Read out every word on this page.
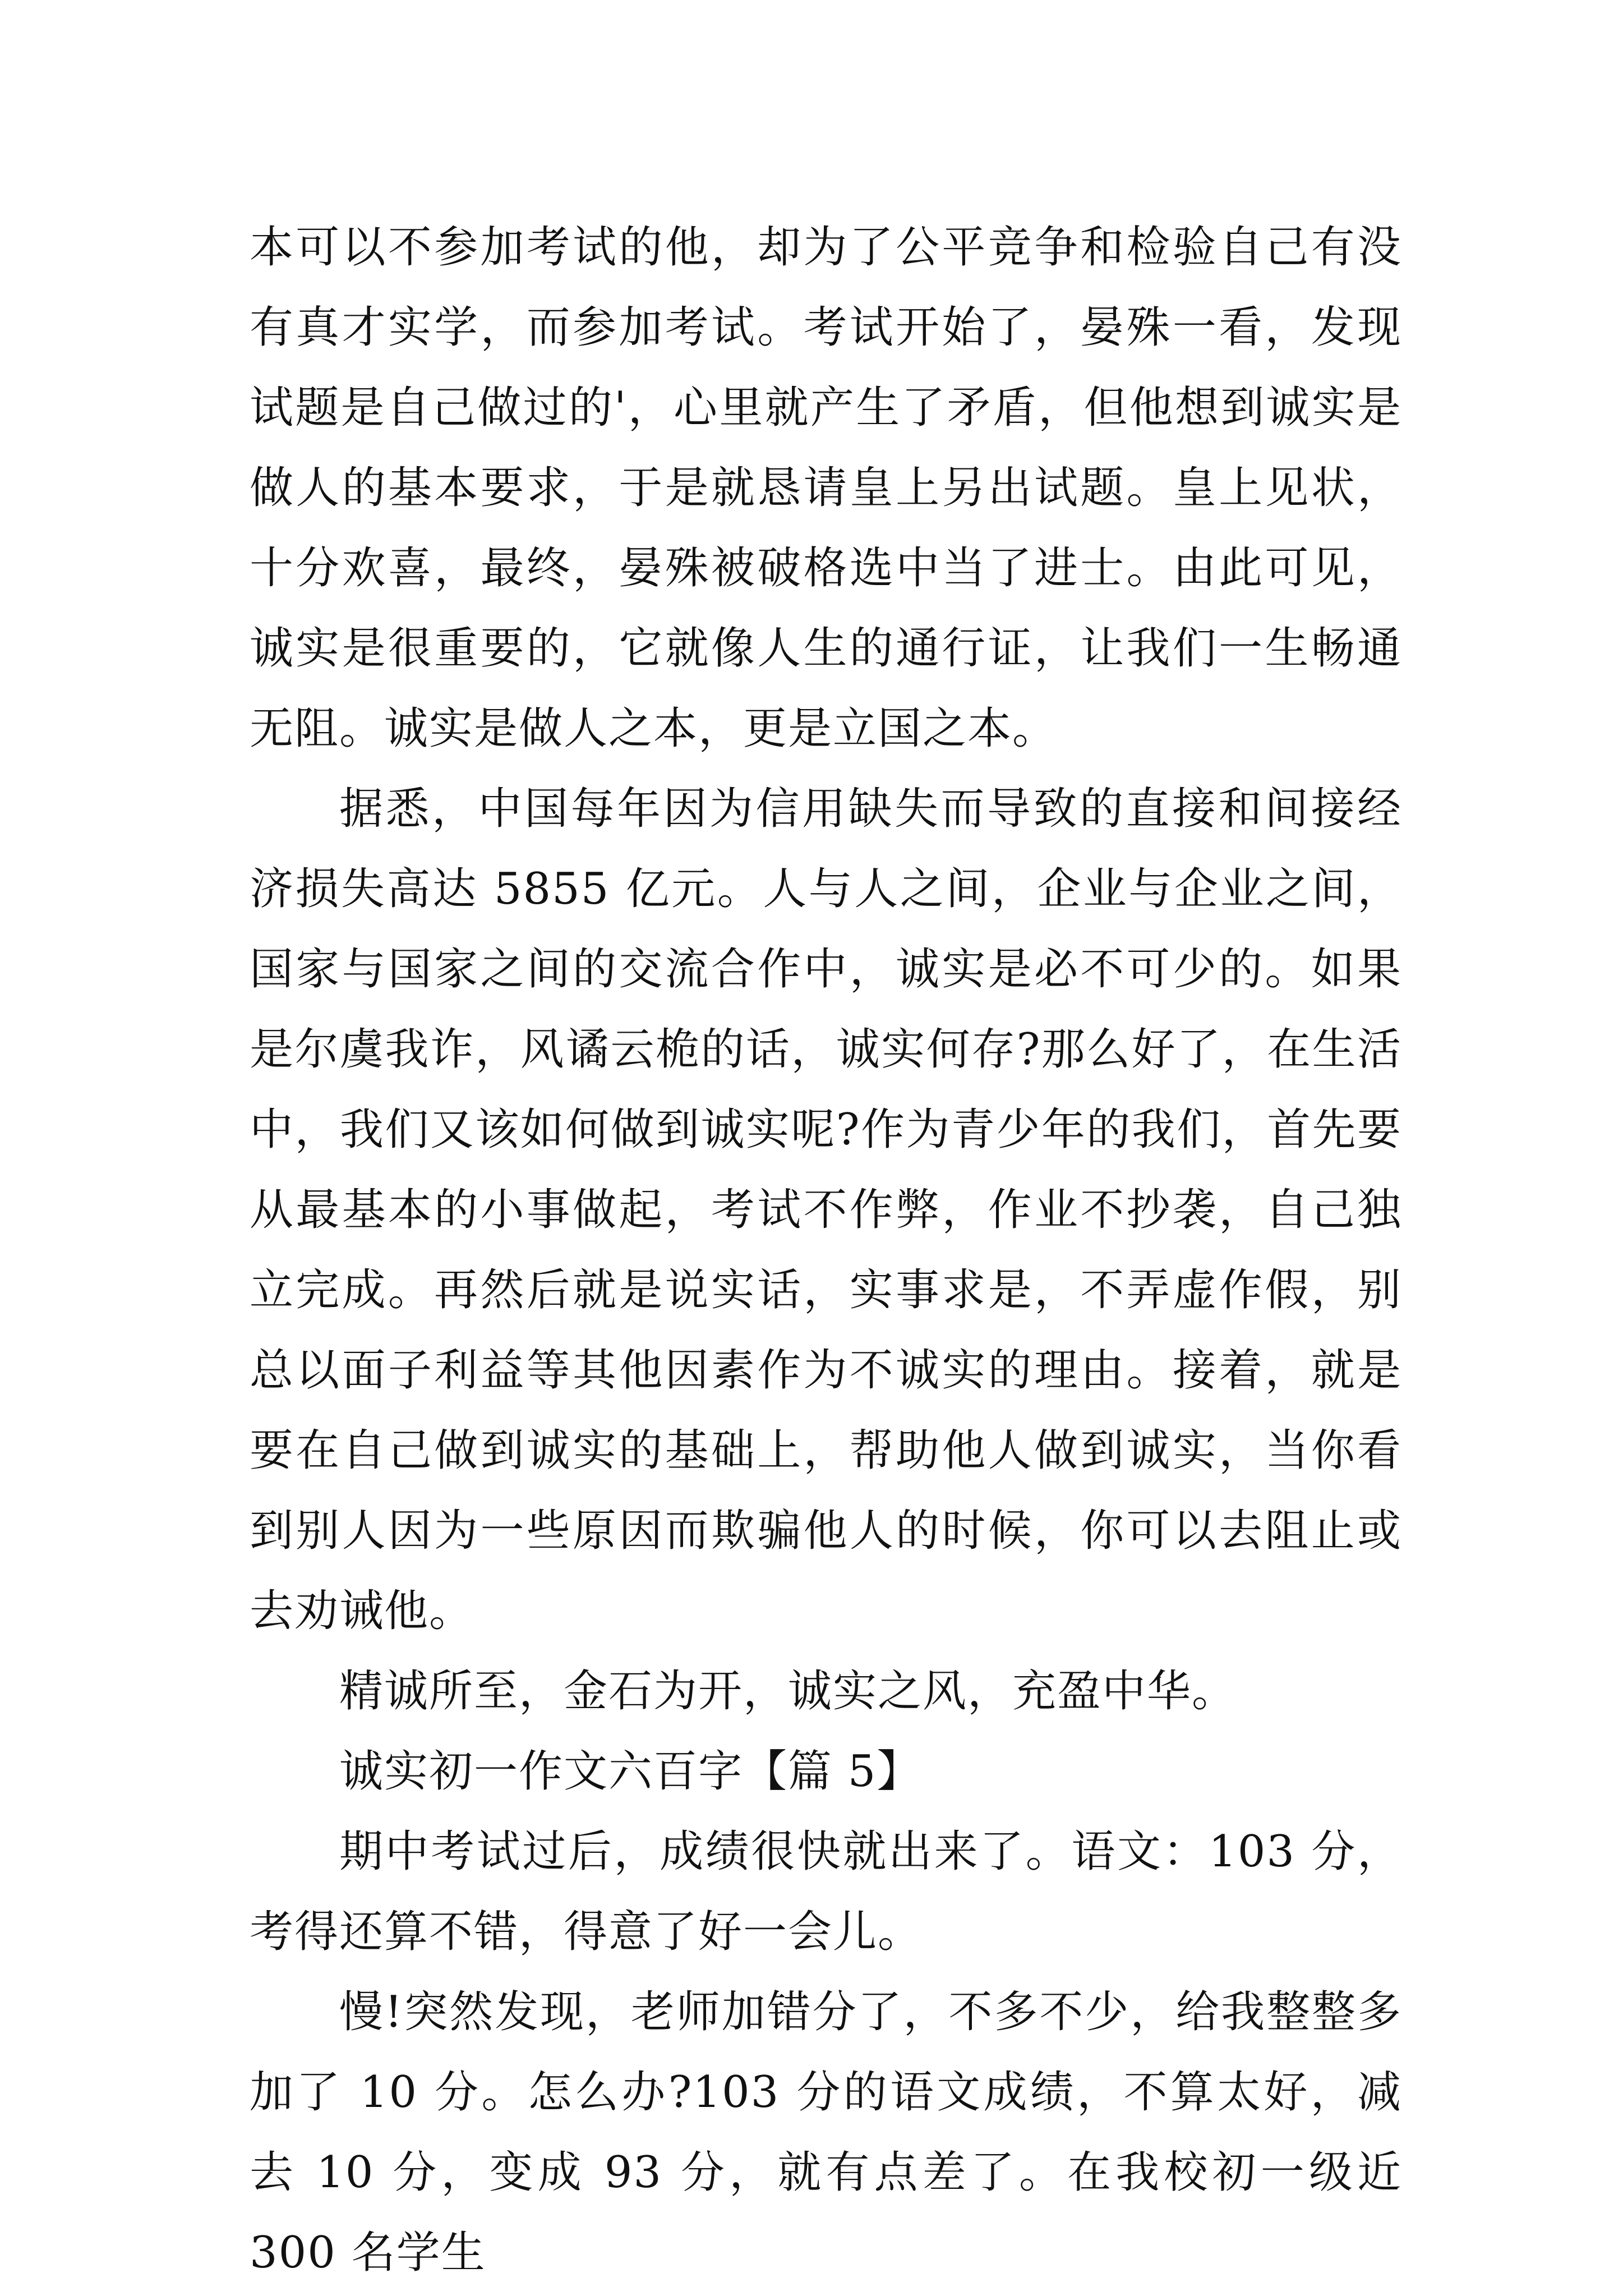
本可以不参加考试的他，却为了公平竞争和检验自己有没有真才实学，而参加考试。考试开始了，晏殊一看，发现试题是自己做过的'，心里就产生了矛盾，但他想到诚实是做人的基本要求，于是就恳请皇上另出试题。皇上见状，十分欢喜，最终，晏殊被破格选中当了进士。由此可见，诚实是很重要的，它就像人生的通行证，让我们一生畅通无阻。诚实是做人之本，更是立国之本。

据悉，中国每年因为信用缺失而导致的直接和间接经济损失高达 5855 亿元。人与人之间，企业与企业之间，国家与国家之间的交流合作中，诚实是必不可少的。如果是尔虞我诈，风谲云桅的话，诚实何存?那么好了，在生活中，我们又该如何做到诚实呢?作为青少年的我们，首先要从最基本的小事做起，考试不作弊，作业不抄袭，自己独立完成。再然后就是说实话，实事求是，不弄虚作假，别总以面子利益等其他因素作为不诚实的理由。接着，就是要在自己做到诚实的基础上，帮助他人做到诚实，当你看到别人因为一些原因而欺骗他人的时候，你可以去阻止或去劝诫他。

精诚所至，金石为开，诚实之风，充盈中华。

诚实初一作文六百字【篇 5】

期中考试过后，成绩很快就出来了。语文：103 分，考得还算不错，得意了好一会儿。

慢!突然发现，老师加错分了，不多不少，给我整整多加了 10 分。怎么办?103 分的语文成绩，不算太好，减去 10 分，变成 93 分，就有点差了。在我校初一级近 300 名学生
